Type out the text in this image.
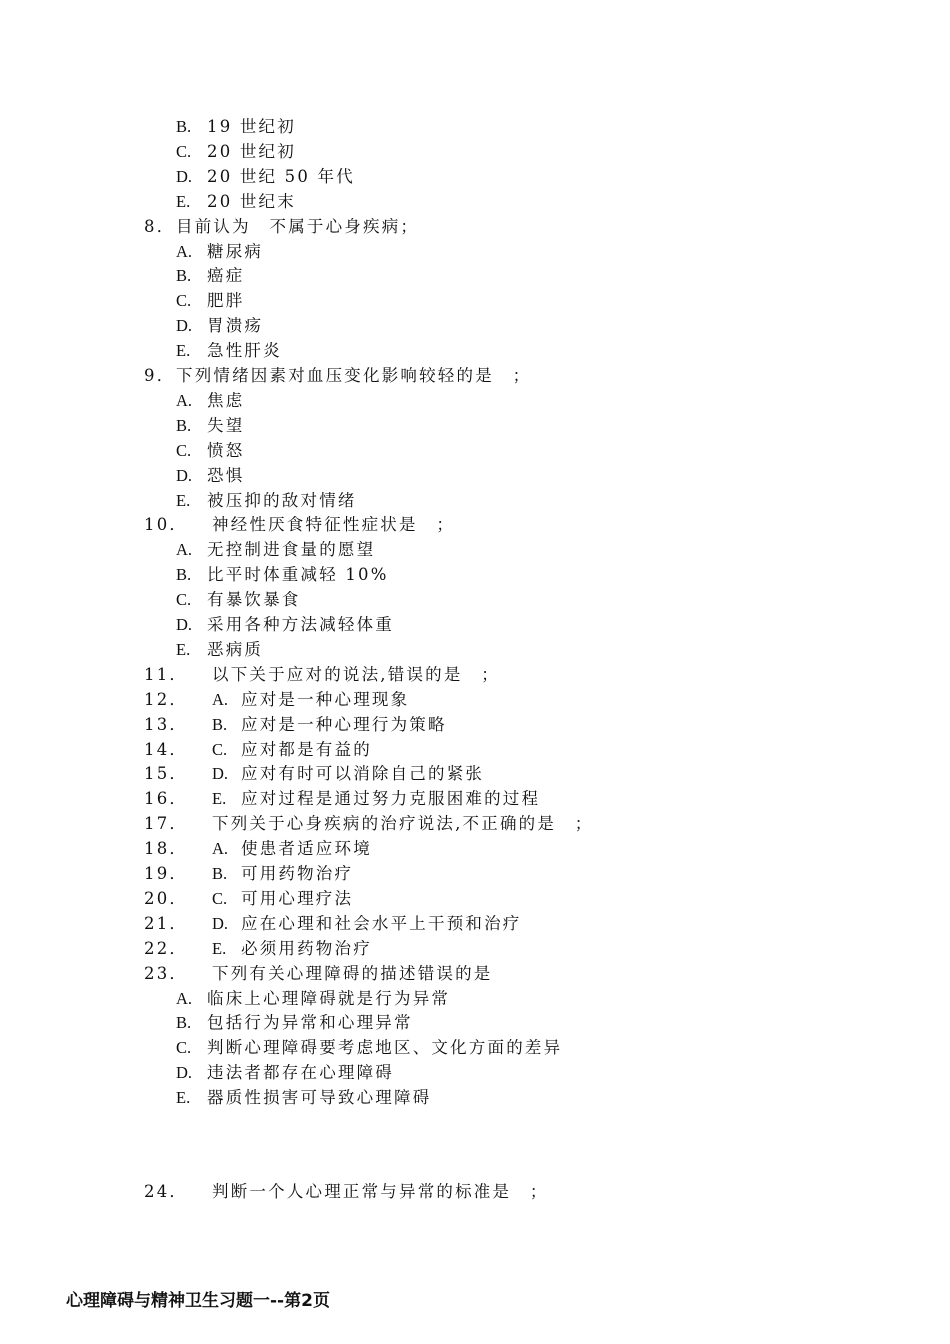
B. 19 世纪初
C. 20 世纪初
D. 20 世纪 50 年代
E.	20 世纪末
8． 目前认为　不属于心身疾病；
A. 糖尿病
B. 癌症
C. 肥胖
D. 胃溃疡
E.	急性肝炎
9． 下列情绪因素对血压变化影响较轻的是　；
A. 焦虑
B. 失望
C. 愤怒
D. 恐惧
E.	被压抑的敌对情绪
10． 神经性厌食特征性症状是　；
A. 无控制进食量的愿望
B. 比平时体重减轻 10%
C. 有暴饮暴食
D. 采用各种方法减轻体重
E.	恶病质
11． 以下关于应对的说法,错误的是　；
12． A. 应对是一种心理现象
13． B. 应对是一种心理行为策略
14． C. 应对都是有益的
15． D. 应对有时可以消除自己的紧张
16． E. 应对过程是通过努力克服困难的过程
17． 下列关于心身疾病的治疗说法,不正确的是　；
18． A. 使患者适应环境
19． B. 可用药物治疗
20． C. 可用心理疗法
21． D. 应在心理和社会水平上干预和治疗
22． E. 必须用药物治疗
23． 下列有关心理障碍的描述错误的是
A. 临床上心理障碍就是行为异常
B. 包括行为异常和心理异常
C. 判断心理障碍要考虑地区、文化方面的差异
D. 违法者都存在心理障碍
E.	器质性损害可导致心理障碍
24． 判断一个人心理正常与异常的标准是　；
心理障碍与精神卫生习题一--第2页
